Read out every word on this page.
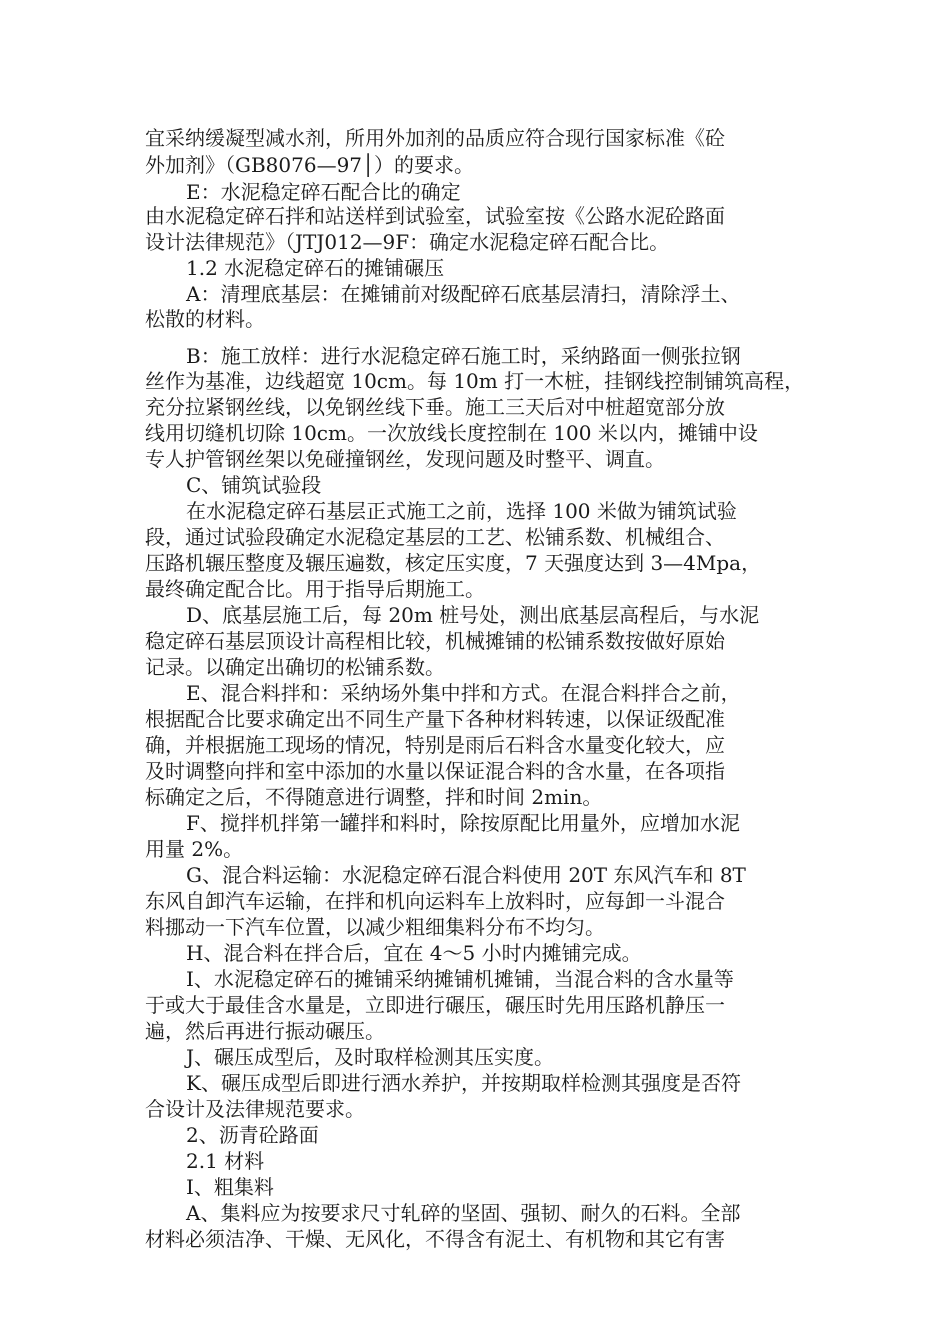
宜采纳缓凝型减水剂，所用外加剂的品质应符合现行国家标准《砼
外加剂》（GB8076—97│）的要求。
E：水泥稳定碎石配合比的确定
由水泥稳定碎石拌和站送样到试验室，试验室按《公路水泥砼路面
设计法律规范》（JTJ012—9F：确定水泥稳定碎石配合比。
1.2 水泥稳定碎石的摊铺碾压
A：清理底基层：在摊铺前对级配碎石底基层清扫，清除浮土、
松散的材料。
B：施工放样：进行水泥稳定碎石施工时，采纳路面一侧张拉钢
丝作为基准，边线超宽 10cm。每 10m 打一木桩，挂钢线控制铺筑高程，
充分拉紧钢丝线，以免钢丝线下垂。施工三天后对中桩超宽部分放
线用切缝机切除 10cm。一次放线长度控制在 100 米以内，摊铺中设
专人护管钢丝架以免碰撞钢丝，发现问题及时整平、调直。
C、铺筑试验段
在水泥稳定碎石基层正式施工之前，选择 100 米做为铺筑试验
段，通过试验段确定水泥稳定基层的工艺、松铺系数、机械组合、
压路机辗压整度及辗压遍数，核定压实度，7 天强度达到 3—4Mpa，
最终确定配合比。用于指导后期施工。
D、底基层施工后，每 20m 桩号处，测出底基层高程后，与水泥
稳定碎石基层顶设计高程相比较，机械摊铺的松铺系数按做好原始
记录。以确定出确切的松铺系数。
E、混合料拌和：采纳场外集中拌和方式。在混合料拌合之前，
根据配合比要求确定出不同生产量下各种材料转速，以保证级配准
确，并根据施工现场的情况，特别是雨后石料含水量变化较大，应
及时调整向拌和室中添加的水量以保证混合料的含水量，在各项指
标确定之后，不得随意进行调整，拌和时间 2min。
F、搅拌机拌第一罐拌和料时，除按原配比用量外，应增加水泥
用量 2%。
G、混合料运输：水泥稳定碎石混合料使用 20T 东风汽车和 8T
东风自卸汽车运输，在拌和机向运料车上放料时，应每卸一斗混合
料挪动一下汽车位置，以减少粗细集料分布不均匀。
H、混合料在拌合后，宜在 4～5 小时内摊铺完成。
I、水泥稳定碎石的摊铺采纳摊铺机摊铺，当混合料的含水量等
于或大于最佳含水量是，立即进行碾压，碾压时先用压路机静压一
遍，然后再进行振动碾压。
J、碾压成型后，及时取样检测其压实度。
K、碾压成型后即进行洒水养护，并按期取样检测其强度是否符
合设计及法律规范要求。
2、沥青砼路面
2.1 材料
Ⅰ、粗集料
A、集料应为按要求尺寸轧碎的坚固、强韧、耐久的石料。全部
材料必须洁净、干燥、无风化，不得含有泥土、有机物和其它有害
